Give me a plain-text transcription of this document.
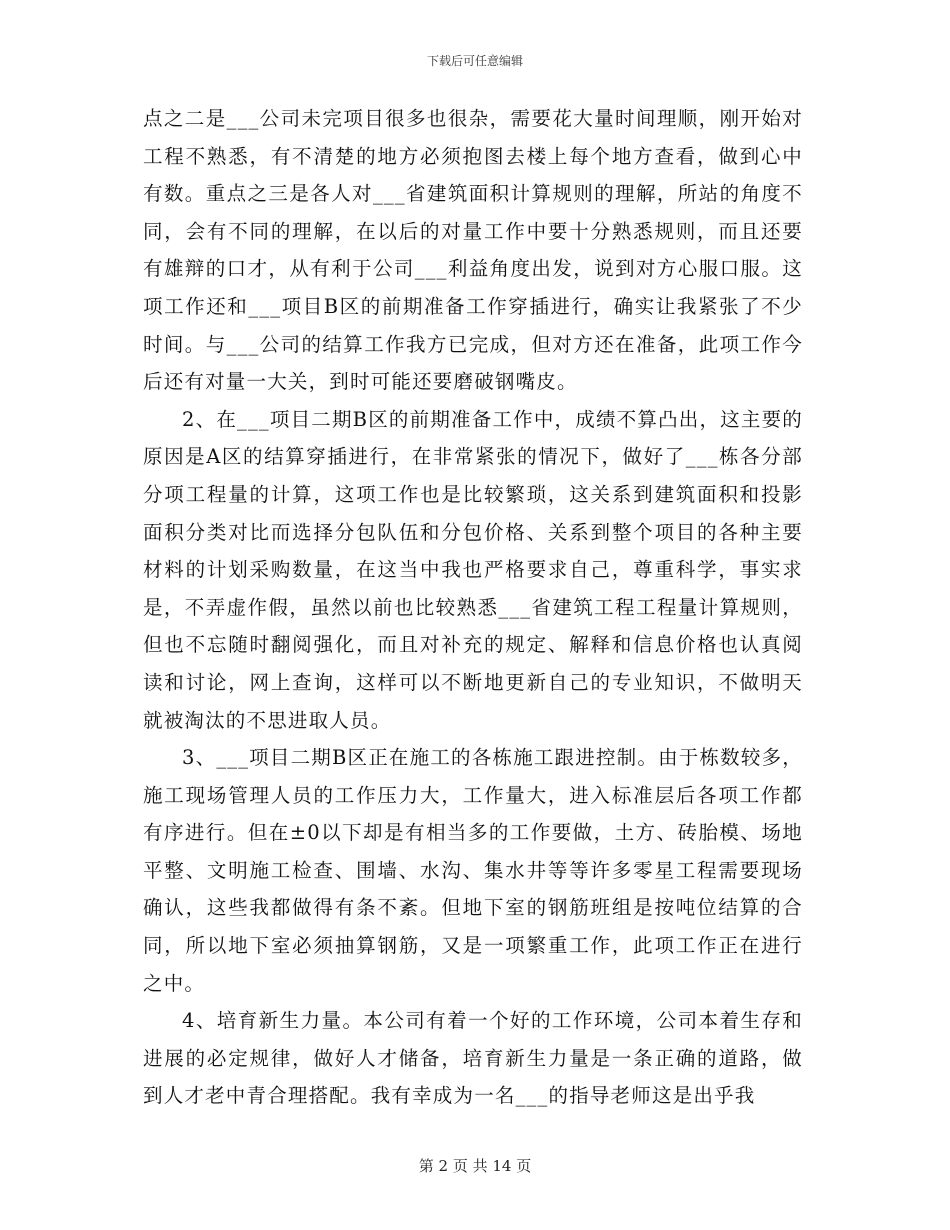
下载后可任意编辑

点之二是___公司未完项目很多也很杂，需要花大量时间理顺，刚开始对工程不熟悉，有不清楚的地方必须抱图去楼上每个地方查看，做到心中有数。重点之三是各人对___省建筑面积计算规则的理解，所站的角度不同，会有不同的理解，在以后的对量工作中要十分熟悉规则，而且还要有雄辩的口才，从有利于公司___利益角度出发，说到对方心服口服。这项工作还和___项目B区的前期准备工作穿插进行，确实让我紧张了不少时间。与___公司的结算工作我方已完成，但对方还在准备，此项工作今后还有对量一大关，到时可能还要磨破钢嘴皮。

2、在___项目二期B区的前期准备工作中，成绩不算凸出，这主要的原因是A区的结算穿插进行，在非常紧张的情况下，做好了___栋各分部分项工程量的计算，这项工作也是比较繁琐，这关系到建筑面积和投影面积分类对比而选择分包队伍和分包价格、关系到整个项目的各种主要材料的计划采购数量，在这当中我也严格要求自己，尊重科学，事实求是，不弄虚作假，虽然以前也比较熟悉___省建筑工程工程量计算规则，但也不忘随时翻阅强化，而且对补充的规定、解释和信息价格也认真阅读和讨论，网上查询，这样可以不断地更新自己的专业知识，不做明天就被淘汰的不思进取人员。

3、___项目二期B区正在施工的各栋施工跟进控制。由于栋数较多，施工现场管理人员的工作压力大，工作量大，进入标准层后各项工作都有序进行。但在±0以下却是有相当多的工作要做，土方、砖胎模、场地平整、文明施工检查、围墙、水沟、集水井等等许多零星工程需要现场确认，这些我都做得有条不紊。但地下室的钢筋班组是按吨位结算的合同，所以地下室必须抽算钢筋，又是一项繁重工作，此项工作正在进行之中。

4、培育新生力量。本公司有着一个好的工作环境，公司本着生存和进展的必定规律，做好人才储备，培育新生力量是一条正确的道路，做到人才老中青合理搭配。我有幸成为一名___的指导老师这是出乎我

第 2 页 共 14 页
